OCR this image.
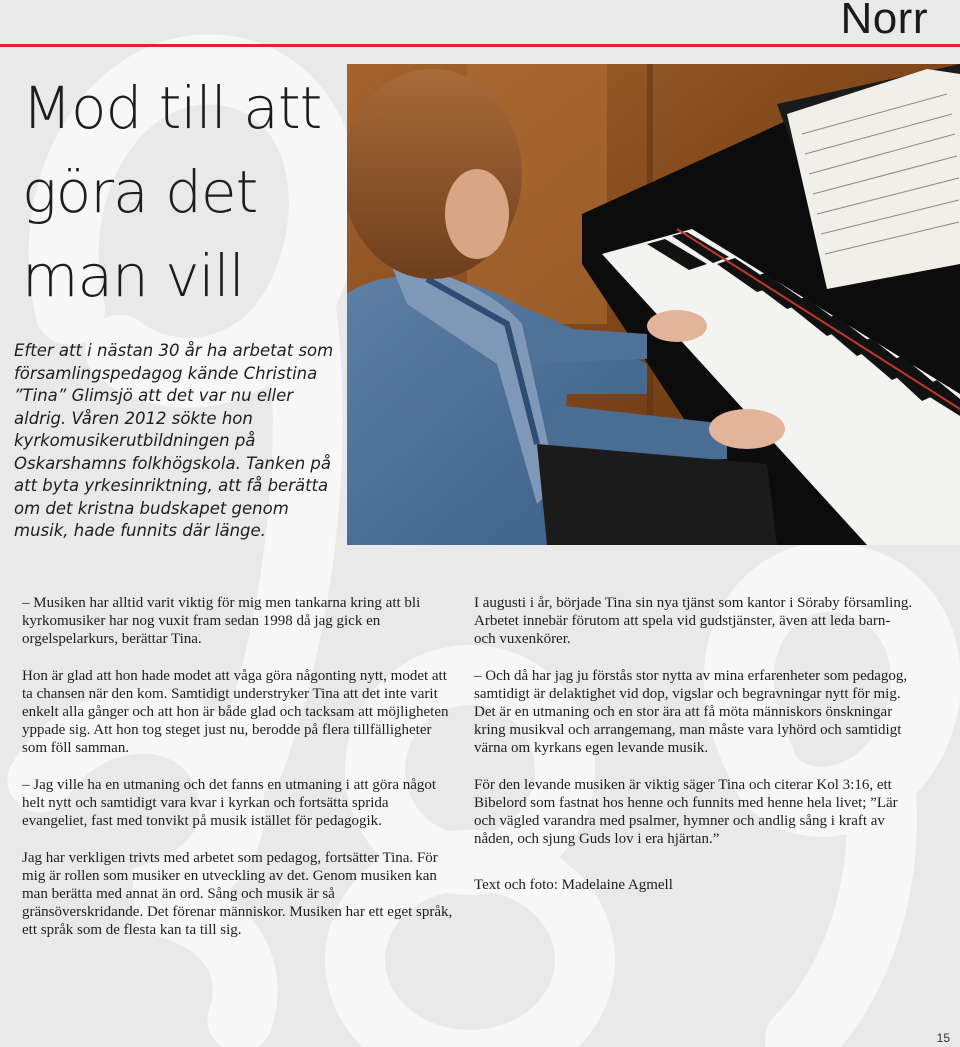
Norr
Mod till att
göra det
man vill

Efter att i nästan 30 år ha arbetat som församlingspedagog kände Christina ”Tina” Glimsjö att det var nu eller aldrig. Våren 2012 sökte hon kyrkomusikerutbildningen på Oskarshamns folkhögskola. Tanken på att byta yrkesinriktning, att få berätta om det kristna budskapet genom musik, hade funnits där länge.

– Musiken har alltid varit viktig för mig men tankarna kring att bli kyrkomusiker har nog vuxit fram sedan 1998 då jag gick en orgelspelarkurs, berättar Tina.

Hon är glad att hon hade modet att våga göra någonting nytt, modet att ta chansen när den kom. Samtidigt understryker Tina att det inte varit enkelt alla gånger och att hon är både glad och tacksam att möjligheten yppade sig. Att hon tog steget just nu, berodde på flera tillfälligheter som föll samman.

– Jag ville ha en utmaning och det fanns en utmaning i att göra något helt nytt och samtidigt vara kvar i kyrkan och fortsätta sprida evangeliet, fast med tonvikt på musik istället för pedagogik.

Jag har verkligen trivts med arbetet som pedagog, fortsätter Tina. För mig är rollen som musiker en utveckling av det. Genom musiken kan man berätta med annat än ord. Sång och musik är så gränsöverskridande. Det förenar människor. Musiken har ett eget språk, ett språk som de flesta kan ta till sig.

I augusti i år, började Tina sin nya tjänst som kantor i Söraby församling. Arbetet innebär förutom att spela vid gudstjänster, även att leda barn- och vuxenkörer.

– Och då har jag ju förstås stor nytta av mina erfarenheter som pedagog, samtidigt är delaktighet vid dop, vigslar och begravningar nytt för mig. Det är en utmaning och en stor ära att få möta människors önskningar kring musikval och arrangemang, man måste vara lyhörd och samtidigt värna om kyrkans egen levande musik.

För den levande musiken är viktig säger Tina och citerar Kol 3:16, ett Bibelord som fastnat hos henne och funnits med henne hela livet; ”Lär och vägled varandra med psalmer, hymner och andlig sång i kraft av nåden, och sjung Guds lov i era hjärtan.”

Text och foto: Madelaine Agmell

15
